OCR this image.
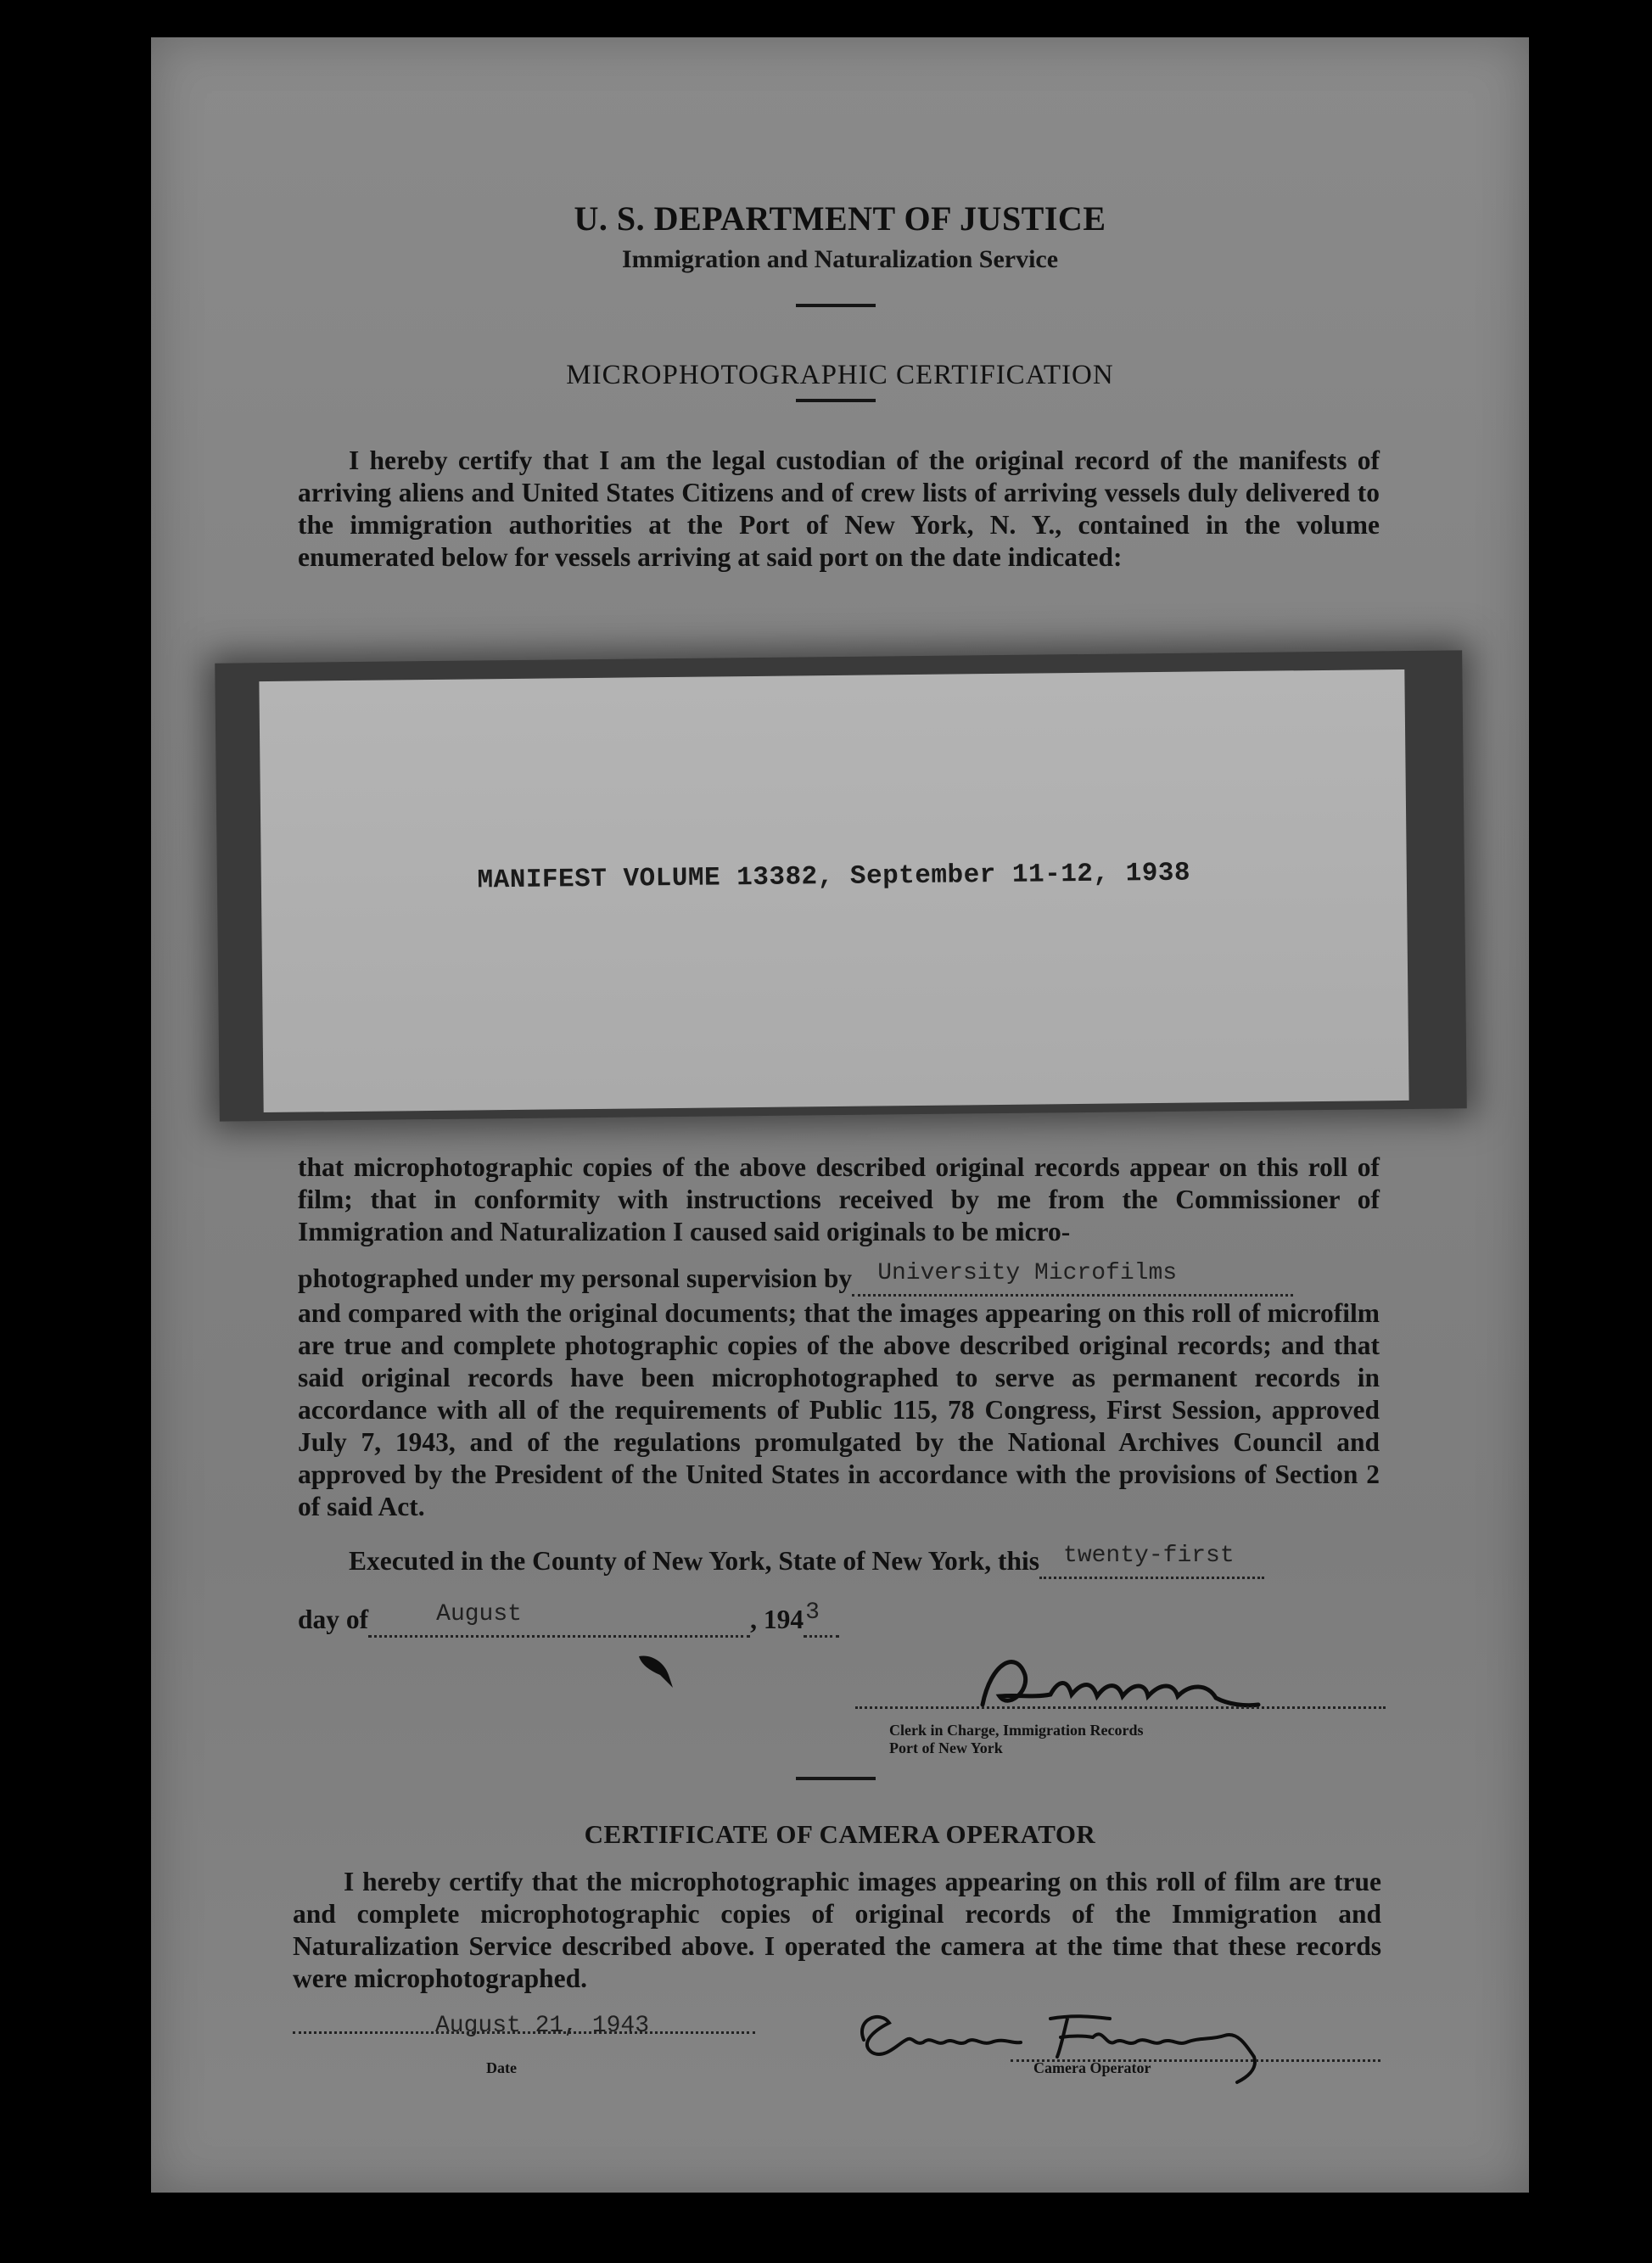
U. S. DEPARTMENT OF JUSTICE
Immigration and Naturalization Service
MICROPHOTOGRAPHIC CERTIFICATION
I hereby certify that I am the legal custodian of the original record of the manifests of arriving aliens and United States Citizens and of crew lists of arriving vessels duly delivered to the immigration authorities at the Port of New York, N. Y., contained in the volume enumerated below for vessels arriving at said port on the date indicated:
MANIFEST VOLUME 13382, September 11-12, 1938
that microphotographic copies of the above described original records appear on this roll of film; that in conformity with instructions received by me from the Commissioner of Immigration and Naturalization I caused said originals to be micro-
photographed under my personal supervision by University Microfilms

and compared with the original documents; that the images appearing on this roll of microfilm are true and complete photographic copies of the above described original records; and that said original records have been microphotographed to serve as permanent records in accordance with all of the requirements of Public 115, 78 Congress, First Session, approved July 7, 1943, and of the regulations promulgated by the National Archives Council and approved by the President of the United States in accordance with the provisions of Section 2 of said Act.
Executed in the County of New York, State of New York, this twenty-first

day of	August	, 194 3

Clerk in Charge, Immigration Records
Port of New York
CERTIFICATE OF CAMERA OPERATOR
I hereby certify that the microphotographic images appearing on this roll of film are true and complete microphotographic copies of original records of the Immigration and Naturalization Service described above. I operated the camera at the time that these records were microphotographed.
August 21, 1943
Date	Camera Operator
